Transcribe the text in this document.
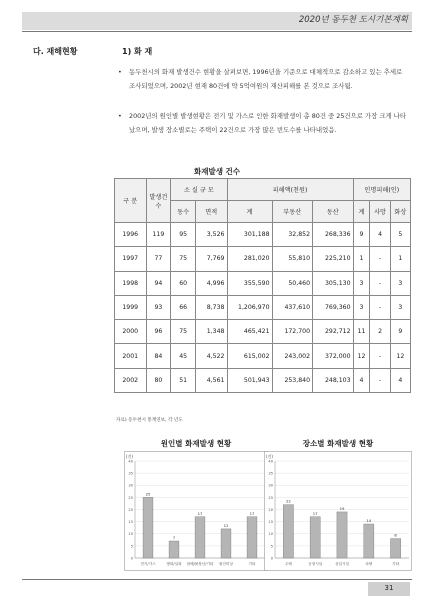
2020년 동두천 도시기본계획
다. 재해현황	1) 화 재
•	동두천시의 화재 발생건수 현황을 살펴보면, 1996년을 기준으로 대체적으로 감소하고 있는 추세로 조사되었으며, 2002년 현재 80건에 약 5억여원의 재산피해를 본 것으로 조사됨.
•	2002년의 원인별 발생현황은 전기 및 가스로 인한 화재발생이 총 80건 중 25건으로 가장 크게 나타났으며, 발생 장소별로는 주택이 22건으로 가장 많은 빈도수를 나타내었음.
화재발생 건수
구 분	발생건수	소 실 규 모		피해액(천원)			인명피해(인)		
		동수	면적	계	부동산	동산	계	사망	화상
1996	119	95	3,526	301,188	32,852	268,336	9	4	5
1997	77	75	7,769	281,020	55,810	225,210	1	-	1
1998	94	60	4,996	355,590	50,460	305,130	3	-	3
1999	93	66	8,738	1,206,970	437,610	769,360	3	-	3
2000	96	75	1,348	465,421	172,700	292,712	11	2	9
2001	84	45	4,522	615,002	243,002	372,000	12	-	12
2002	80	51	4,561	501,943	253,840	248,103	4	-	4
자료) 동두천시 통계연보, 각 년도
원인별 화재발생 현황	장소별 화재발생 현황
(건)
0
5
10
15
20
25
30
35
40
25
전기/가스
7
방화/실화
17
담배/불장난/기타
12
원인미상
17
기타
(건)
0
5
10
15
20
25
30
35
40
22
주택
17
공장시설
19
상업시설
14
차량
8
기타
31
